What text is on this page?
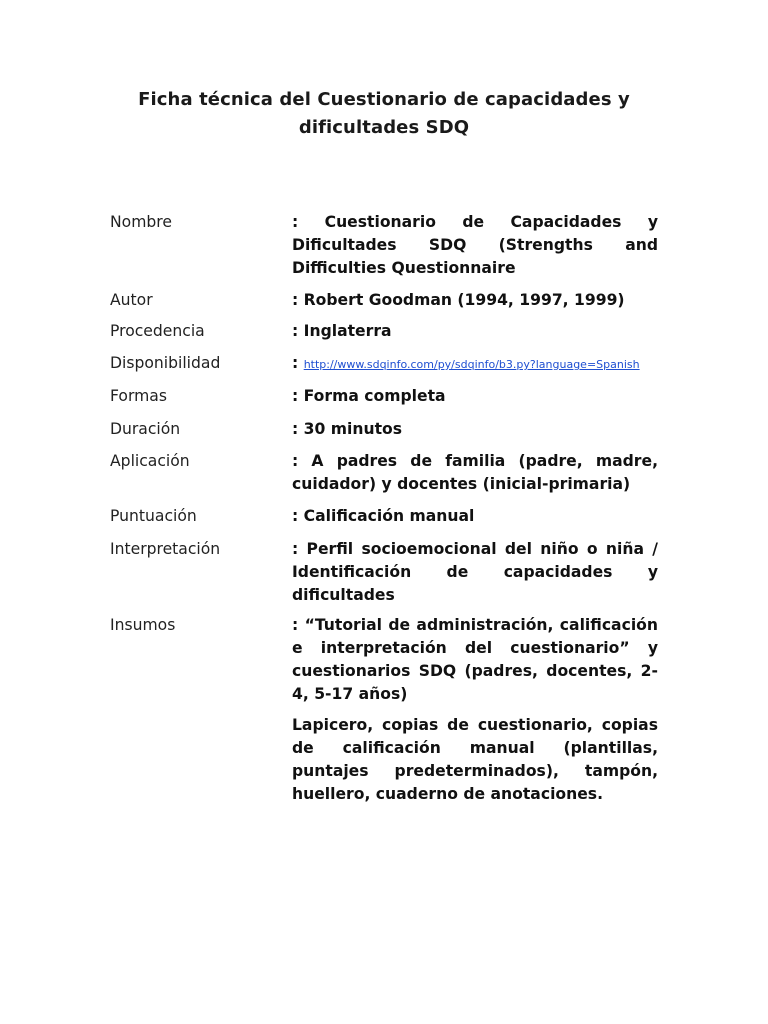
Ficha técnica del Cuestionario de capacidades y
dificultades SDQ
Nombre	: Cuestionario de Capacidades y Dificultades SDQ (Strengths and Difficulties Questionnaire
Autor	: Robert Goodman (1994, 1997, 1999)
Procedencia	: Inglaterra
Disponibilidad	: http://www.sdqinfo.com/py/sdqinfo/b3.py?language=Spanish
Formas	: Forma completa
Duración	: 30 minutos
Aplicación	: A padres de familia (padre, madre, cuidador) y docentes (inicial-primaria)
Puntuación	: Calificación manual
Interpretación	: Perfil socioemocional del niño o niña / Identificación de capacidades y dificultades
Insumos	: “Tutorial de administración, calificación e interpretación del cuestionario” y cuestionarios SDQ (padres, docentes, 2-4, 5-17 años)
Lapicero, copias de cuestionario, copias de calificación manual (plantillas, puntajes predeterminados), tampón, huellero, cuaderno de anotaciones.
